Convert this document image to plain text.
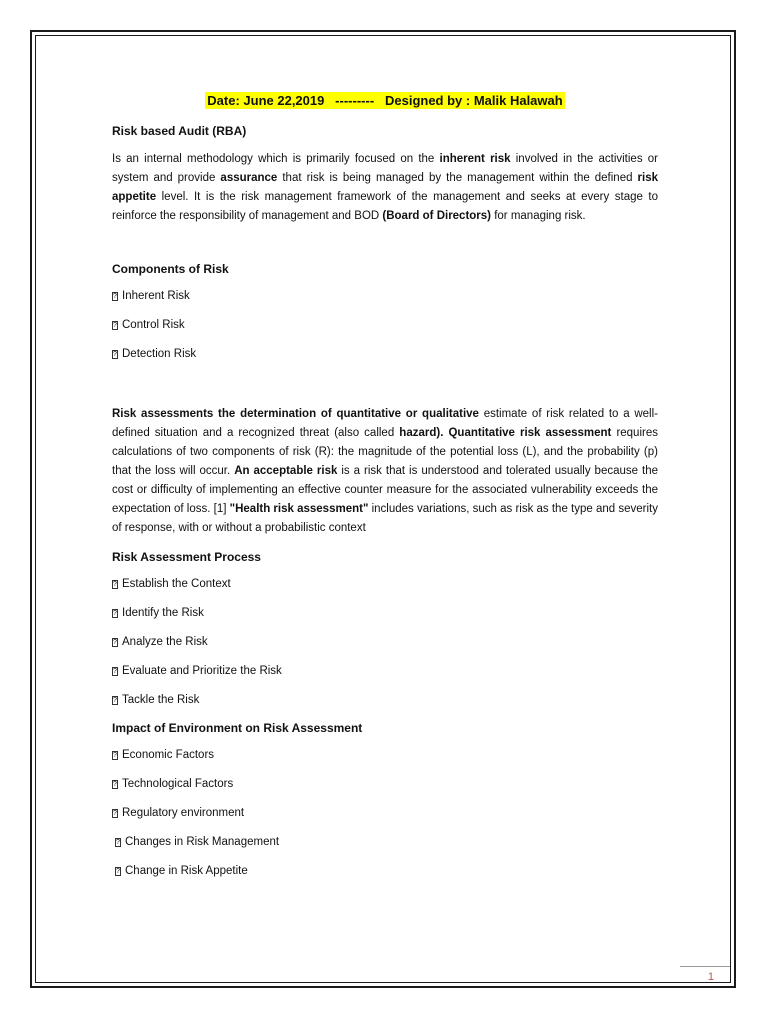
Date: June 22,2019   ---------   Designed by : Malik Halawah
Risk based Audit (RBA)

Is an internal methodology which is primarily focused on the inherent risk involved in the activities or system and provide assurance that risk is being managed by the management within the defined risk appetite level. It is the risk management framework of the management and seeks at every stage to reinforce the responsibility of management and BOD (Board of Directors) for managing risk.

Components of Risk
? Inherent Risk
? Control Risk
? Detection Risk

Risk assessments the determination of quantitative or qualitative estimate of risk related to a well-defined situation and a recognized threat (also called hazard). Quantitative risk assessment requires calculations of two components of risk (R): the magnitude of the potential loss (L), and the probability (p) that the loss will occur. An acceptable risk is a risk that is understood and tolerated usually because the cost or difficulty of implementing an effective counter measure for the associated vulnerability exceeds the expectation of loss. [1] "Health risk assessment" includes variations, such as risk as the type and severity of response, with or without a probabilistic context

Risk Assessment Process
? Establish the Context
? Identify the Risk
? Analyze the Risk
? Evaluate and Prioritize the Risk
? Tackle the Risk
Impact of Environment on Risk Assessment
? Economic Factors
? Technological Factors
? Regulatory environment
? Changes in Risk Management
? Change in Risk Appetite
1
